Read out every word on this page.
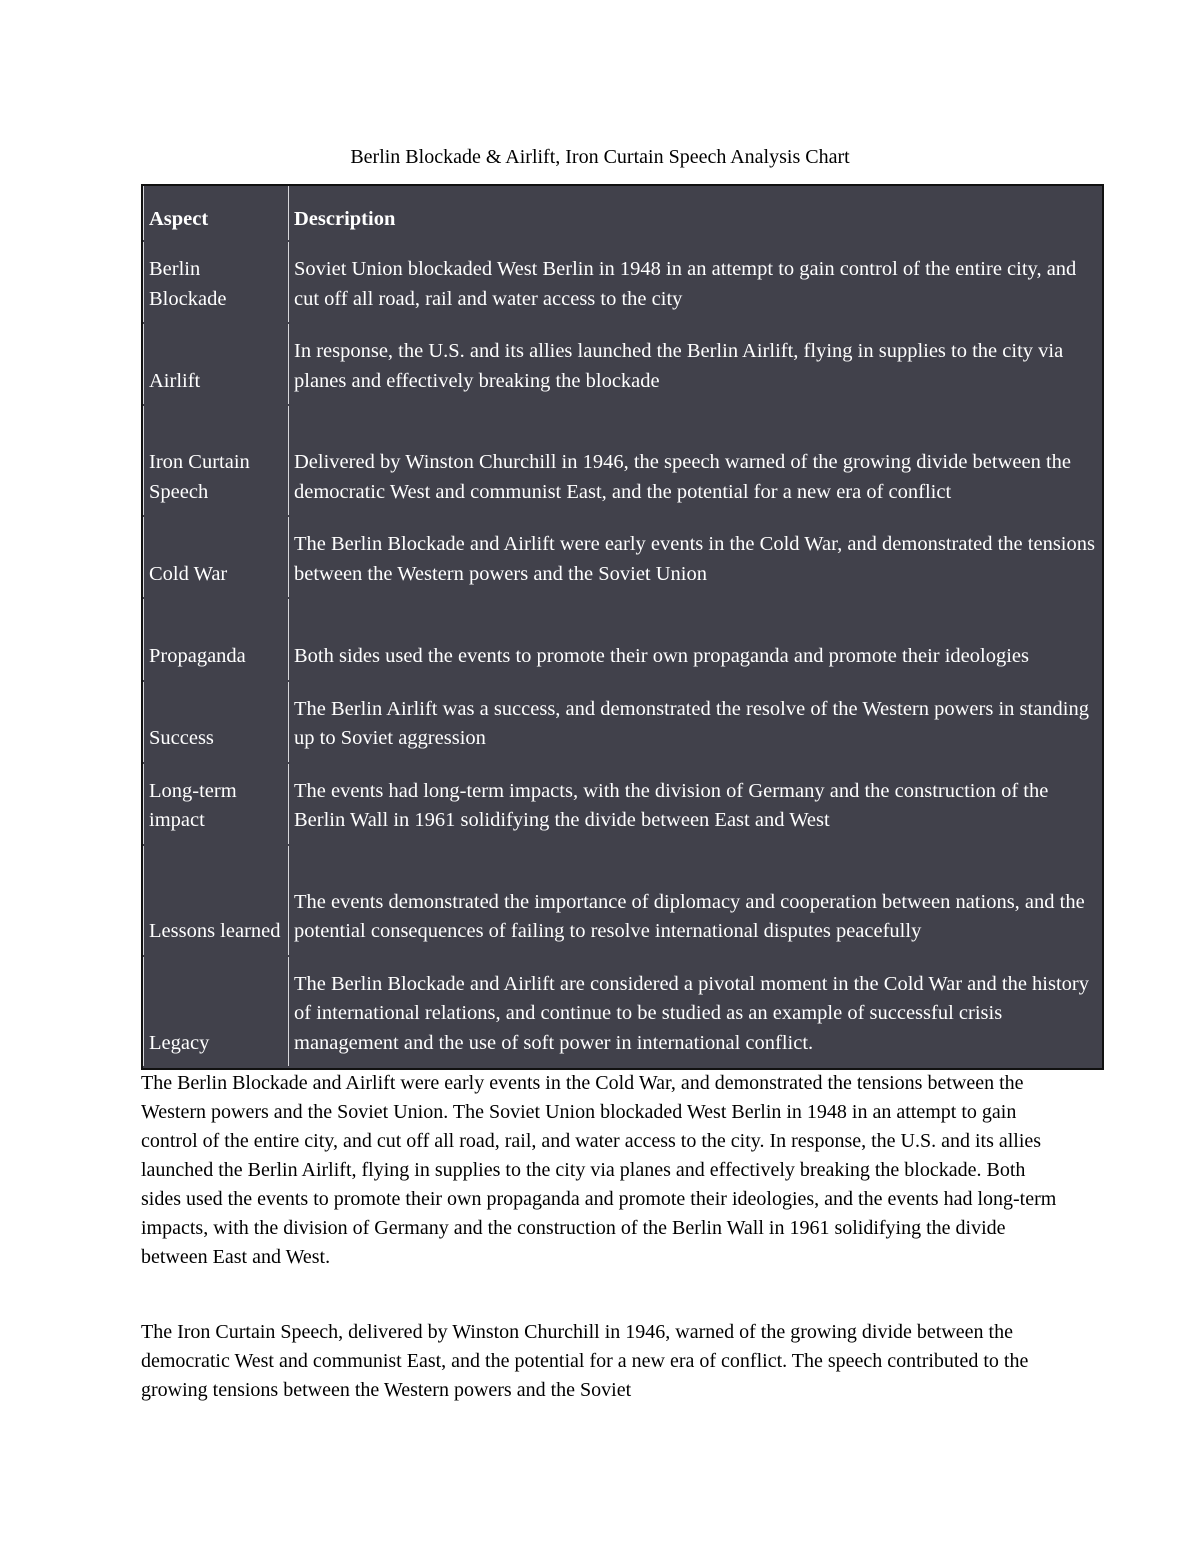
Berlin Blockade & Airlift, Iron Curtain Speech Analysis Chart
Aspect	Description
Berlin Blockade	Soviet Union blockaded West Berlin in 1948 in an attempt to gain control of the entire city, and cut off all road, rail and water access to the city
Airlift	In response, the U.S. and its allies launched the Berlin Airlift, flying in supplies to the city via planes and effectively breaking the blockade
Iron Curtain Speech	Delivered by Winston Churchill in 1946, the speech warned of the growing divide between the democratic West and communist East, and the potential for a new era of conflict
Cold War	The Berlin Blockade and Airlift were early events in the Cold War, and demonstrated the tensions between the Western powers and the Soviet Union
Propaganda	Both sides used the events to promote their own propaganda and promote their ideologies
Success	The Berlin Airlift was a success, and demonstrated the resolve of the Western powers in standing up to Soviet aggression
Long-term impact	The events had long-term impacts, with the division of Germany and the construction of the Berlin Wall in 1961 solidifying the divide between East and West
Lessons learned	The events demonstrated the importance of diplomacy and cooperation between nations, and the potential consequences of failing to resolve international disputes peacefully
Legacy	The Berlin Blockade and Airlift are considered a pivotal moment in the Cold War and the history of international relations, and continue to be studied as an example of successful crisis management and the use of soft power in international conflict.

The Berlin Blockade and Airlift were early events in the Cold War, and demonstrated the tensions between the Western powers and the Soviet Union. The Soviet Union blockaded West Berlin in 1948 in an attempt to gain control of the entire city, and cut off all road, rail, and water access to the city. In response, the U.S. and its allies launched the Berlin Airlift, flying in supplies to the city via planes and effectively breaking the blockade. Both sides used the events to promote their own propaganda and promote their ideologies, and the events had long-term impacts, with the division of Germany and the construction of the Berlin Wall in 1961 solidifying the divide between East and West.

The Iron Curtain Speech, delivered by Winston Churchill in 1946, warned of the growing divide between the democratic West and communist East, and the potential for a new era of conflict. The speech contributed to the growing tensions between the Western powers and the Soviet
